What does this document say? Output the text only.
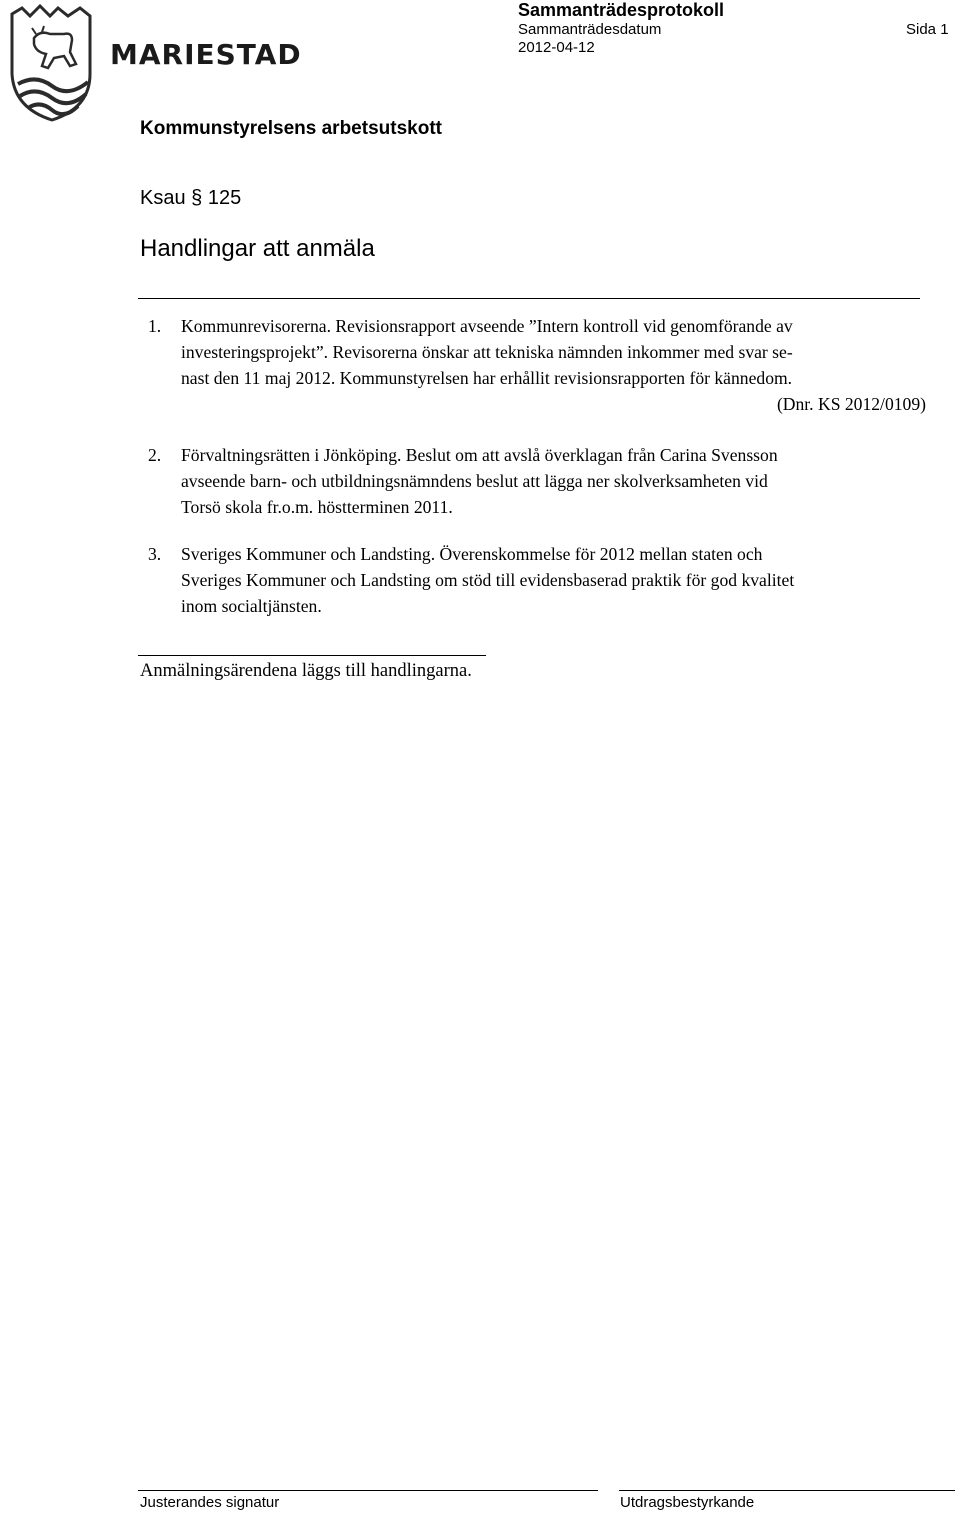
MARIESTAD
Sammanträdesprotokoll
Sammanträdesdatum	Sida 1
2012-04-12
Kommunstyrelsens arbetsutskott
Ksau § 125
Handlingar att anmäla
1. Kommunrevisorerna. Revisionsrapport avseende ”Intern kontroll vid genomförande av
investeringsprojekt”. Revisorerna önskar att tekniska nämnden inkommer med svar se-
nast den 11 maj 2012. Kommunstyrelsen har erhållit revisionsrapporten för kännedom.
(Dnr. KS 2012/0109)
2. Förvaltningsrätten i Jönköping. Beslut om att avslå överklagan från Carina Svensson
avseende barn- och utbildningsnämndens beslut att lägga ner skolverksamheten vid
Torsö skola fr.o.m. höstterminen 2011.
3. Sveriges Kommuner och Landsting. Överenskommelse för 2012 mellan staten och
Sveriges Kommuner och Landsting om stöd till evidensbaserad praktik för god kvalitet
inom socialtjänsten.
Anmälningsärendena läggs till handlingarna.
Justerandes signatur	Utdragsbestyrkande
